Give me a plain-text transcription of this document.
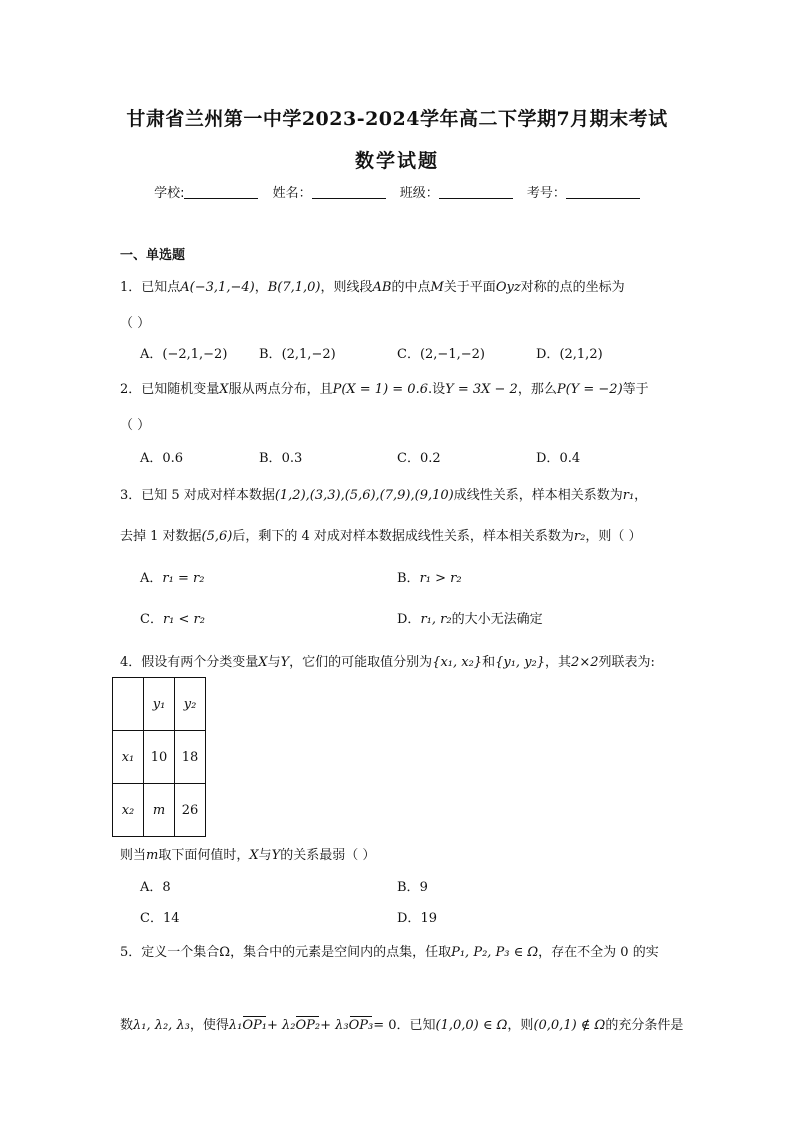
甘肃省兰州第一中学2023-2024学年高二下学期7月期末考试
数学试题
学校:	姓名：	班级：	考号：
一、单选题
1．已知点A(−3,1,−4)，B(7,1,0)，则线段AB的中点M关于平面Oyz对称的点的坐标为
（ ）
A．(−2,1,−2) B．(2,1,−2)	C．(2,−1,−2)	D．(2,1,2)
2．已知随机变量X服从两点分布，且P(X = 1) = 0.6.设Y = 3X − 2，那么P(Y = −2)等于
（ ）
A．0.6	B．0.3	C．0.2	D．0.4
3．已知 5 对成对样本数据(1,2),(3,3),(5,6),(7,9),(9,10)成线性关系，样本相关系数为r₁，
去掉 1 对数据(5,6)后，剩下的 4 对成对样本数据成线性关系，样本相关系数为r₂，则（ ）
A．r₁ = r₂	B．r₁ > r₂
C．r₁ < r₂	D．r₁, r₂的大小无法确定
4．假设有两个分类变量X与Y，它们的可能取值分别为{x₁, x₂}和{y₁, y₂}，其2×2列联表为:
	y₁	y₂
x₁	10	18
x₂	m	26
则当m取下面何值时，X与Y的关系最弱（ ）
A．8	B．9
C．14	D．19
5．定义一个集合Ω，集合中的元素是空间内的点集，任取P₁, P₂, P₃ ∈ Ω，存在不全为 0 的实
数λ₁, λ₂, λ₃，使得λ₁OP₁+ λ₂OP₂+ λ₃OP₃= 0．已知(1,0,0) ∈ Ω，则(0,0,1) ∉ Ω的充分条件是
